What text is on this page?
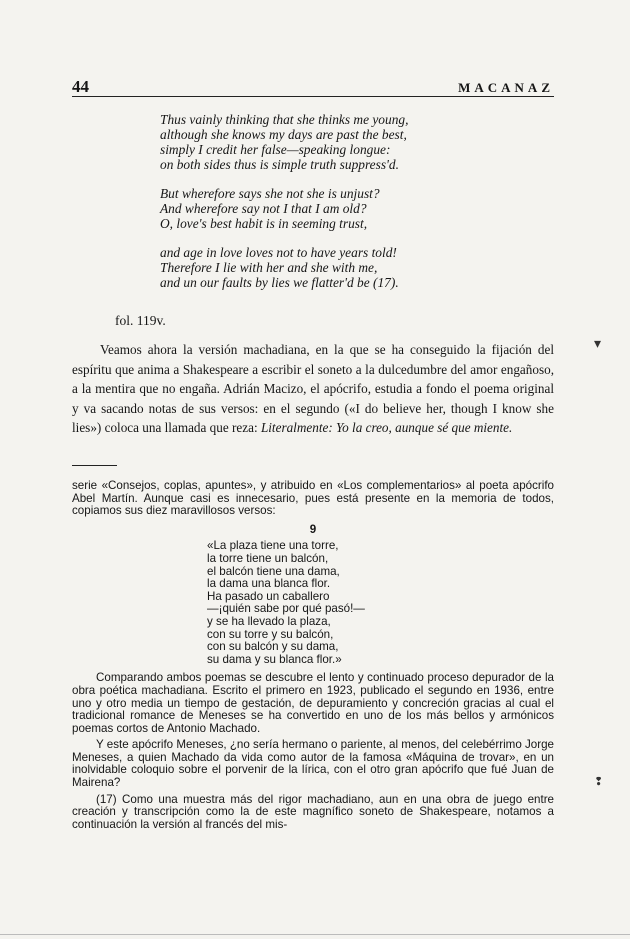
44	MACANAZ
Thus vainly thinking that she thinks me young,
although she knows my days are past the best,
simply I credit her false—speaking longue:
on both sides thus is simple truth suppress'd.
But wherefore says she not she is unjust?
And wherefore say not I that I am old?
O, love's best habit is in seeming trust,
and age in love loves not to have years told!
Therefore I lie with her and she with me,
and un our faults by lies we flatter'd be (17).
fol. 119v.

Veamos ahora la versión machadiana, en la que se ha conseguido la fijación del espíritu que anima a Shakespeare a escribir el soneto a la dulcedumbre del amor engañoso, a la mentira que no engaña. Adrián Macizo, el apócrifo, estudia a fondo el poema original y va sacando notas de sus versos: en el segundo («I do believe her, though I know she lies») coloca una llamada que reza: Literalmente: Yo la creo, aunque sé que miente.

serie «Consejos, coplas, apuntes», y atribuido en «Los complementarios» al poeta apócrifo Abel Martín. Aunque casi es innecesario, pues está presente en la memoria de todos, copiamos sus diez maravillosos versos:

9
«La plaza tiene una torre,
la torre tiene un balcón,
el balcón tiene una dama,
la dama una blanca flor.
Ha pasado un caballero
—¡quién sabe por qué pasó!—
y se ha llevado la plaza,
con su torre y su balcón,
con su balcón y su dama,
su dama y su blanca flor.»

Comparando ambos poemas se descubre el lento y continuado proceso depurador de la obra poética machadiana. Escrito el primero en 1923, publicado el segundo en 1936, entre uno y otro media un tiempo de gestación, de depuramiento y concreción gracias al cual el tradicional romance de Meneses se ha convertido en uno de los más bellos y armónicos poemas cortos de Antonio Machado.

Y este apócrifo Meneses, ¿no sería hermano o pariente, al menos, del celebérrimo Jorge Meneses, a quien Machado da vida como autor de la famosa «Máquina de trovar», en un inolvidable coloquio sobre el porvenir de la lírica, con el otro gran apócrifo que fué Juan de Mairena?

(17) Como una muestra más del rigor machadiano, aun en una obra de juego entre creación y transcripción como la de este magnífico soneto de Shakespeare, notamos a continuación la versión al francés del mis-

▾
❢
